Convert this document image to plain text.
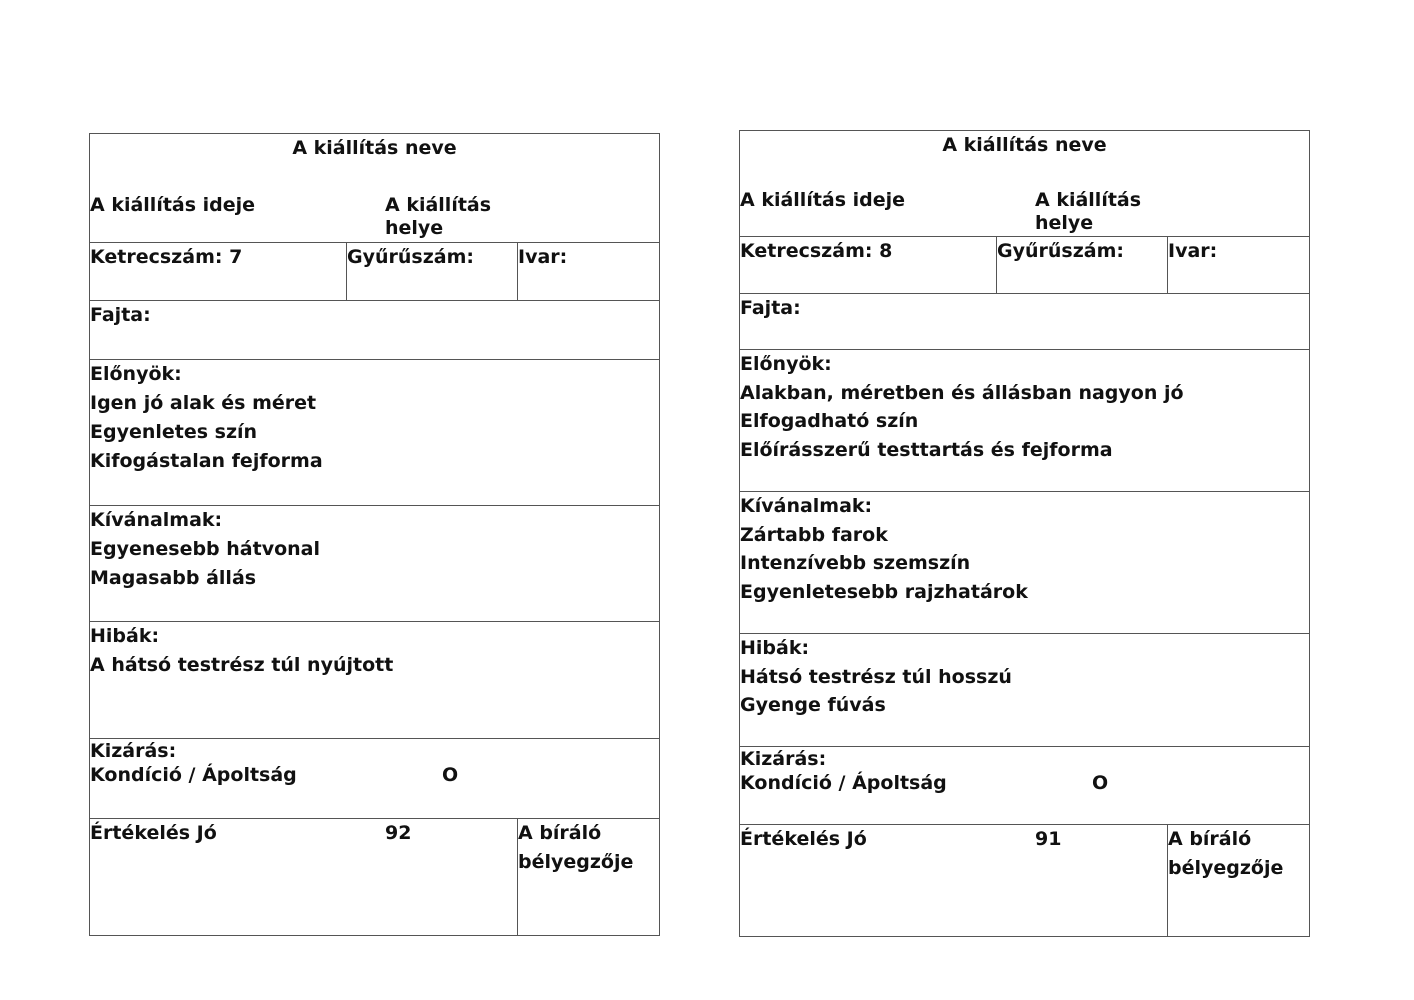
A kiállítás neve
A kiállítás ideje	A kiállítás helye
Ketrecszám: 7	Gyűrűszám:	Ivar:
Fajta:
Előnyök:
Igen jó alak és méret
Egyenletes szín
Kifogástalan fejforma
Kívánalmak:
Egyenesebb hátvonal
Magasabb állás
Hibák:
A hátsó testrész túl nyújtott
Kizárás:
Kondíció / Ápoltság	O
Értékelés Jó	92	A bíráló
bélyegzője
A kiállítás neve
A kiállítás ideje	A kiállítás helye
Ketrecszám: 8	Gyűrűszám:	Ivar:
Fajta:
Előnyök:
Alakban, méretben és állásban nagyon jó
Elfogadható szín
Előírásszerű testtartás és fejforma
Kívánalmak:
Zártabb farok
Intenzívebb szemszín
Egyenletesebb rajzhatárok
Hibák:
Hátsó testrész túl hosszú
Gyenge fúvás
Kizárás:
Kondíció / Ápoltság	O
Értékelés Jó	91	A bíráló
bélyegzője
